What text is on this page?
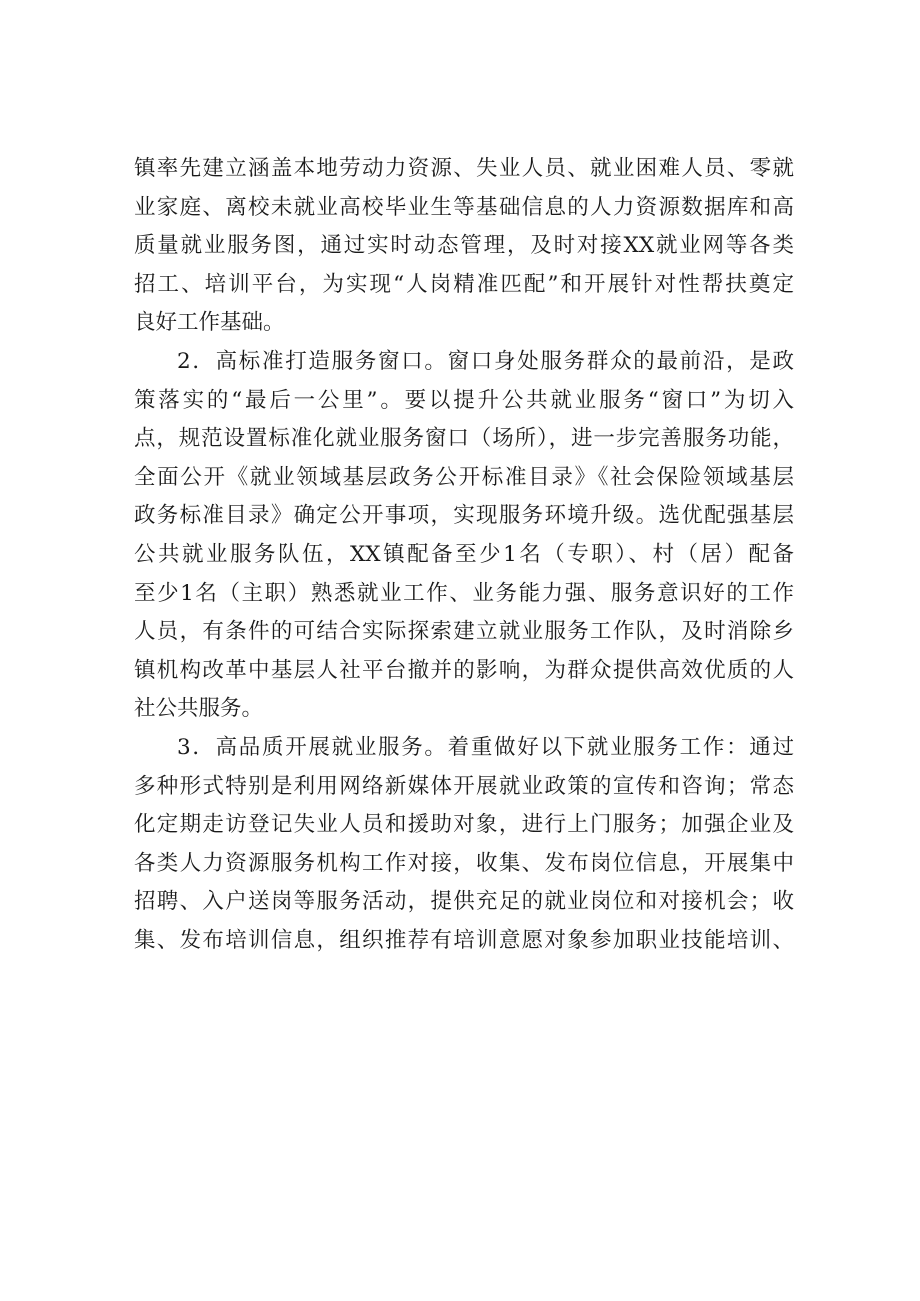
镇率先建立涵盖本地劳动力资源、失业人员、就业困难人员、零就
业家庭、离校未就业高校毕业生等基础信息的人力资源数据库和高
质量就业服务图，通过实时动态管理，及时对接XX就业网等各类
招工、培训平台，为实现“人岗精准匹配”和开展针对性帮扶奠定
良好工作基础。
2．高标准打造服务窗口。窗口身处服务群众的最前沿，是政
策落实的“最后一公里”。要以提升公共就业服务“窗口”为切入
点，规范设置标准化就业服务窗口（场所），进一步完善服务功能，
全面公开《就业领域基层政务公开标准目录》《社会保险领域基层
政务标准目录》确定公开事项，实现服务环境升级。选优配强基层
公共就业服务队伍，XX镇配备至少1名（专职）、村（居）配备
至少1名（主职）熟悉就业工作、业务能力强、服务意识好的工作
人员，有条件的可结合实际探索建立就业服务工作队，及时消除乡
镇机构改革中基层人社平台撤并的影响，为群众提供高效优质的人
社公共服务。
3．高品质开展就业服务。着重做好以下就业服务工作：通过
多种形式特别是利用网络新媒体开展就业政策的宣传和咨询；常态
化定期走访登记失业人员和援助对象，进行上门服务；加强企业及
各类人力资源服务机构工作对接，收集、发布岗位信息，开展集中
招聘、入户送岗等服务活动，提供充足的就业岗位和对接机会；收
集、发布培训信息，组织推荐有培训意愿对象参加职业技能培训、
